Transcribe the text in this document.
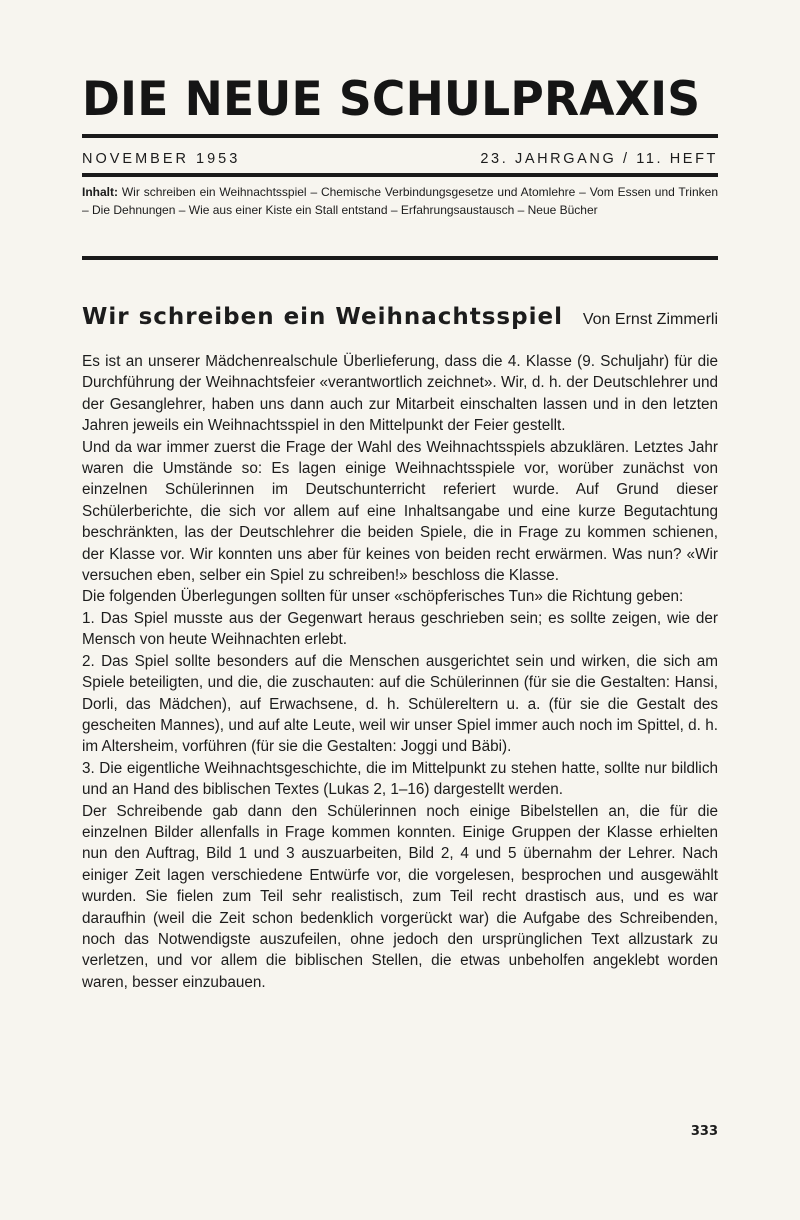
DIE NEUE SCHULPRAXIS
NOVEMBER 1953	23. JAHRGANG / 11. HEFT
Inhalt: Wir schreiben ein Weihnachtsspiel – Chemische Verbindungsgesetze und Atomlehre – Vom Essen und Trinken – Die Dehnungen – Wie aus einer Kiste ein Stall entstand – Erfahrungsaustausch – Neue Bücher
Wir schreiben ein Weihnachtsspiel Von Ernst Zimmerli

Es ist an unserer Mädchenrealschule Überlieferung, dass die 4. Klasse (9. Schuljahr) für die Durchführung der Weihnachtsfeier «verantwortlich zeichnet». Wir, d. h. der Deutschlehrer und der Gesanglehrer, haben uns dann auch zur Mitarbeit einschalten lassen und in den letzten Jahren jeweils ein Weihnachtsspiel in den Mittelpunkt der Feier gestellt.

Und da war immer zuerst die Frage der Wahl des Weihnachtsspiels abzuklären. Letztes Jahr waren die Umstände so: Es lagen einige Weihnachtsspiele vor, worüber zunächst von einzelnen Schülerinnen im Deutschunterricht referiert wurde. Auf Grund dieser Schülerberichte, die sich vor allem auf eine Inhaltsangabe und eine kurze Begutachtung beschränkten, las der Deutschlehrer die beiden Spiele, die in Frage zu kommen schienen, der Klasse vor. Wir konnten uns aber für keines von beiden recht erwärmen. Was nun? «Wir versuchen eben, selber ein Spiel zu schreiben!» beschloss die Klasse.

Die folgenden Überlegungen sollten für unser «schöpferisches Tun» die Richtung geben:

1. Das Spiel musste aus der Gegenwart heraus geschrieben sein; es sollte zeigen, wie der Mensch von heute Weihnachten erlebt.

2. Das Spiel sollte besonders auf die Menschen ausgerichtet sein und wirken, die sich am Spiele beteiligten, und die, die zuschauten: auf die Schülerinnen (für sie die Gestalten: Hansi, Dorli, das Mädchen), auf Erwachsene, d. h. Schülereltern u. a. (für sie die Gestalt des gescheiten Mannes), und auf alte Leute, weil wir unser Spiel immer auch noch im Spittel, d. h. im Altersheim, vorführen (für sie die Gestalten: Joggi und Bäbi).

3. Die eigentliche Weihnachtsgeschichte, die im Mittelpunkt zu stehen hatte, sollte nur bildlich und an Hand des biblischen Textes (Lukas 2, 1–16) dargestellt werden.

Der Schreibende gab dann den Schülerinnen noch einige Bibelstellen an, die für die einzelnen Bilder allenfalls in Frage kommen konnten. Einige Gruppen der Klasse erhielten nun den Auftrag, Bild 1 und 3 auszuarbeiten, Bild 2, 4 und 5 übernahm der Lehrer. Nach einiger Zeit lagen verschiedene Entwürfe vor, die vorgelesen, besprochen und ausgewählt wurden. Sie fielen zum Teil sehr realistisch, zum Teil recht drastisch aus, und es war daraufhin (weil die Zeit schon bedenklich vorgerückt war) die Aufgabe des Schreibenden, noch das Notwendigste auszufeilen, ohne jedoch den ursprünglichen Text allzustark zu verletzen, und vor allem die biblischen Stellen, die etwas unbeholfen angeklebt worden waren, besser einzubauen.

333
